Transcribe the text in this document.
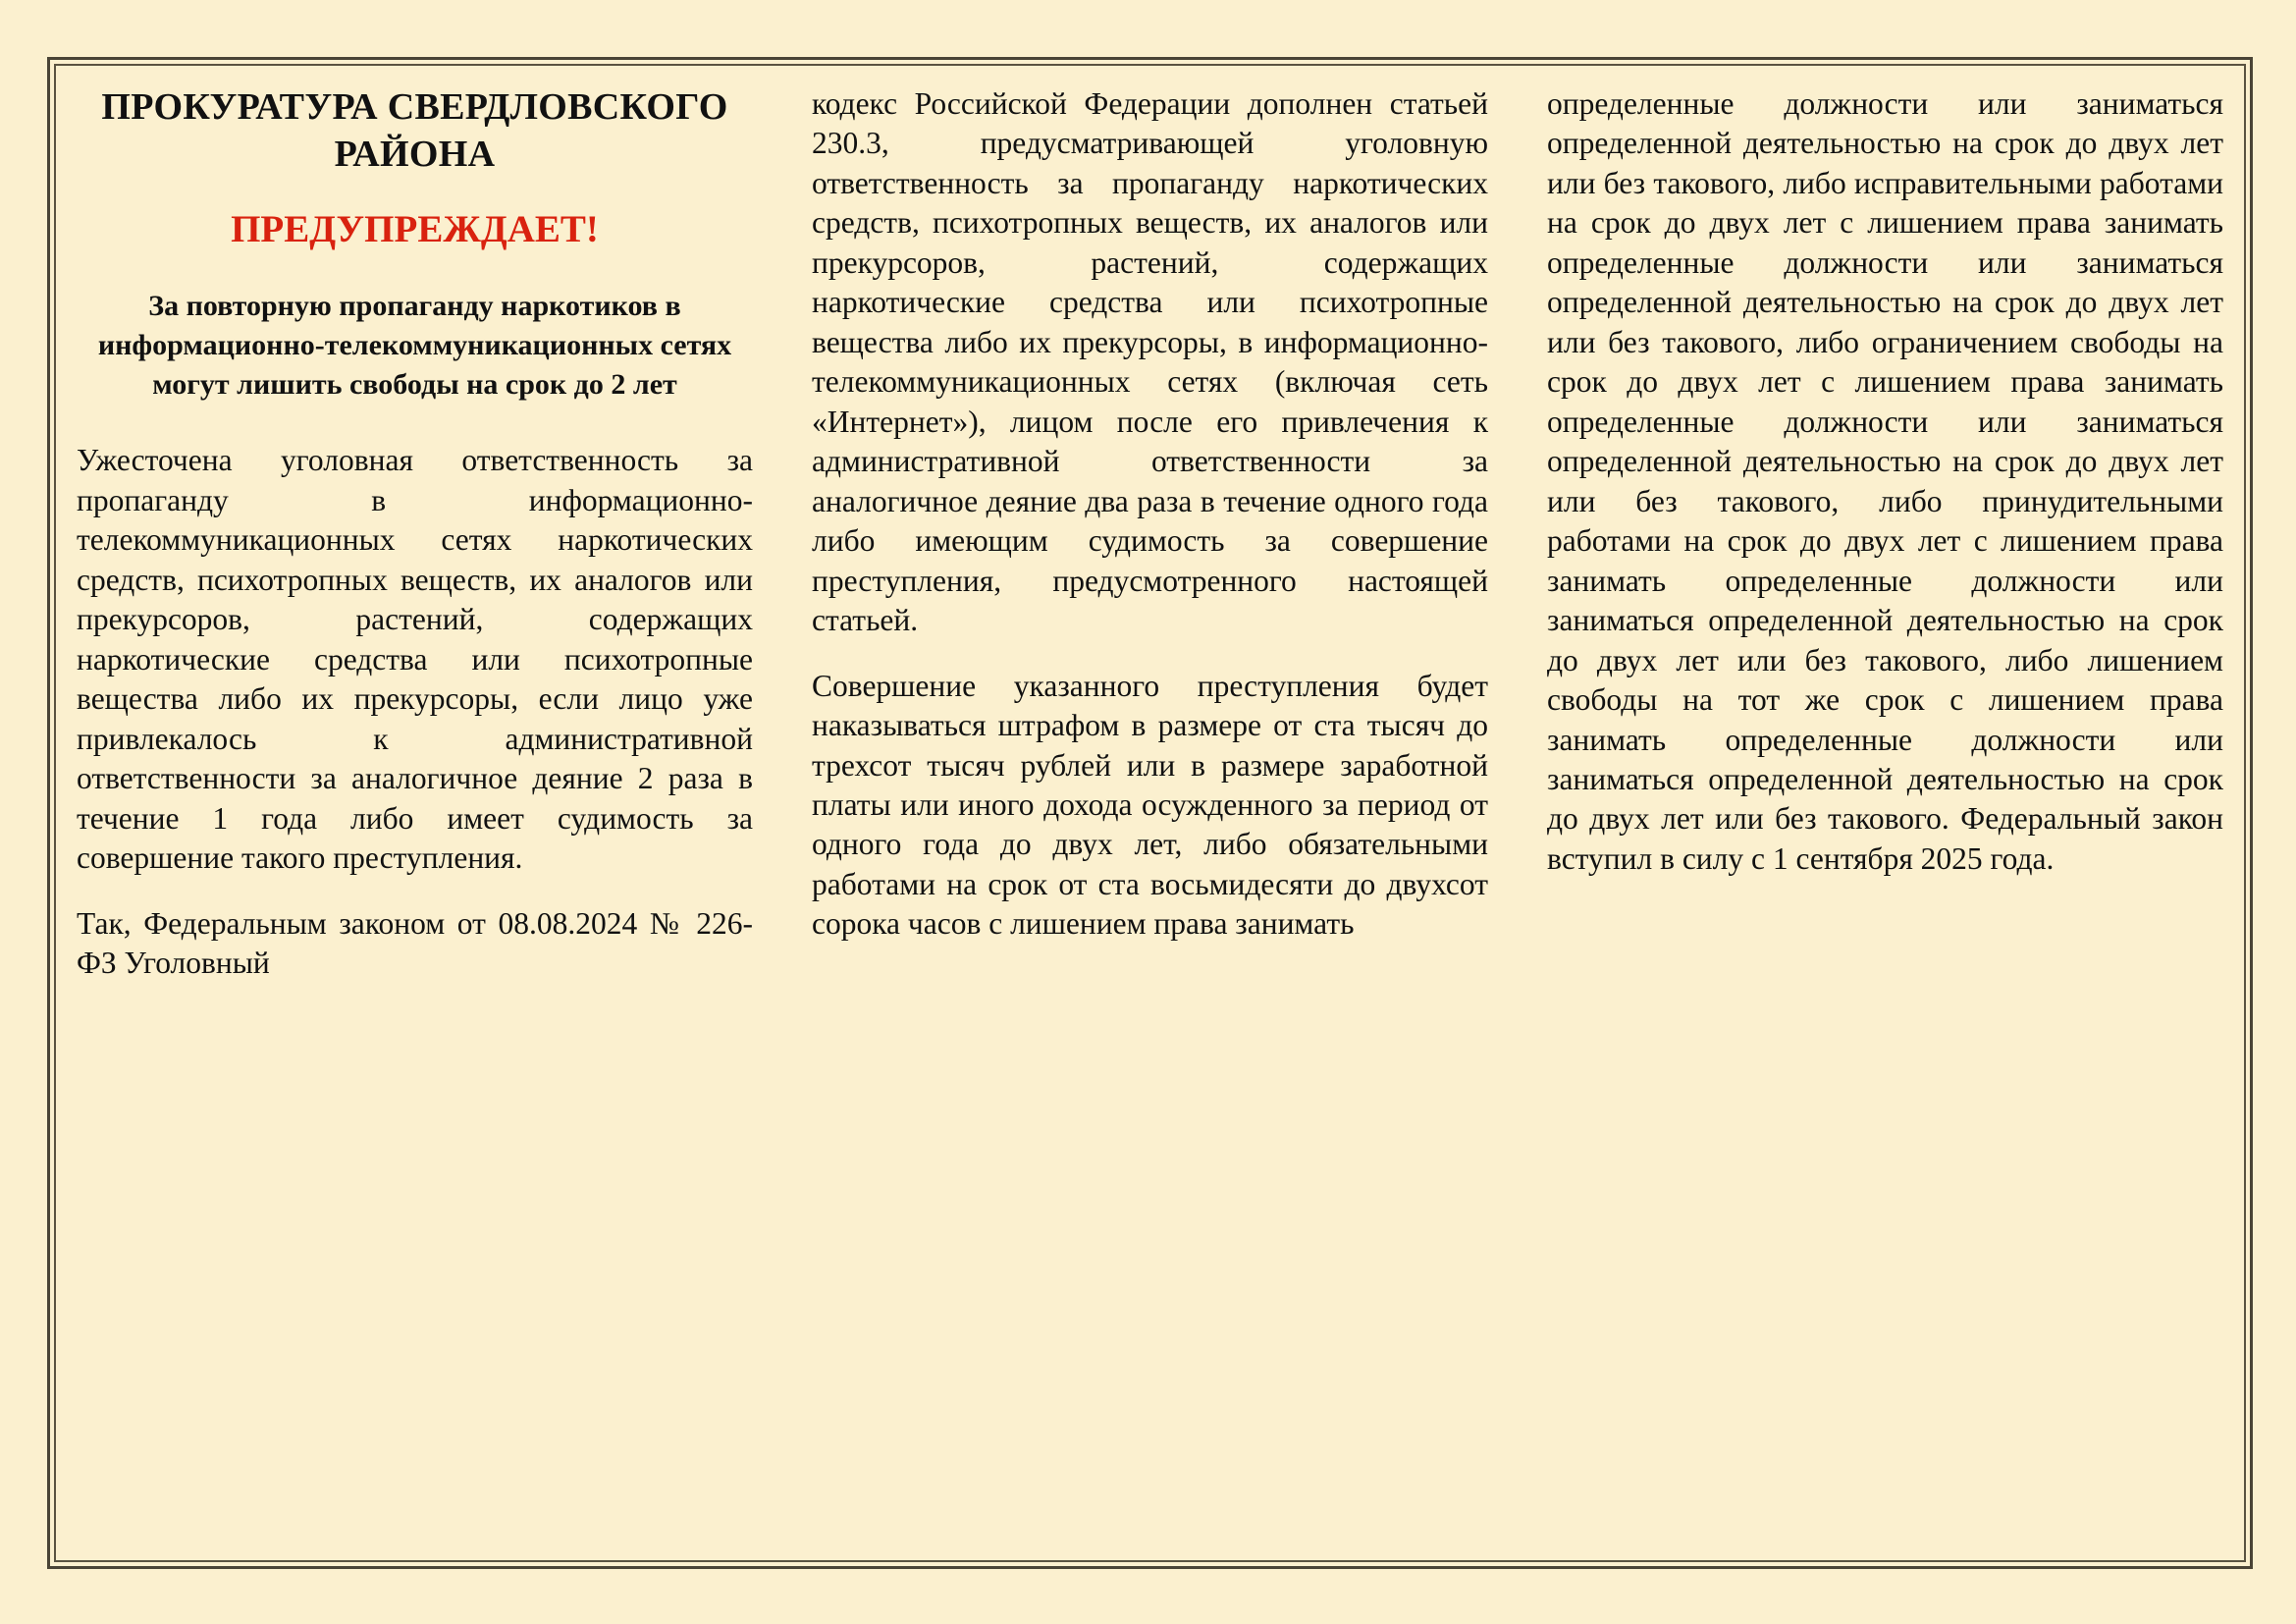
ПРОКУРАТУРА СВЕРДЛОВСКОГО РАЙОНА
ПРЕДУПРЕЖДАЕТ!
За повторную пропаганду наркотиков в информационно-телекоммуникационных сетях могут лишить свободы на срок до 2 лет

Ужесточена уголовная ответственность за пропаганду в информационно-телекоммуникационных сетях наркотических средств, психотропных веществ, их аналогов или прекурсоров, растений, содержащих наркотические средства или психотропные вещества либо их прекурсоры, если лицо уже привлекалось к административной ответственности за аналогичное деяние 2 раза в течение 1 года либо имеет судимость за совершение такого преступления.

Так, Федеральным законом от 08.08.2024 № 226-ФЗ Уголовный

кодекс Российской Федерации дополнен статьей 230.3, предусматривающей уголовную ответственность за пропаганду наркотических средств, психотропных веществ, их аналогов или прекурсоров, растений, содержащих наркотические средства или психотропные вещества либо их прекурсоры, в информационно-телекоммуникационных сетях (включая сеть «Интернет»), лицом после его привлечения к административной ответственности за аналогичное деяние два раза в течение одного года либо имеющим судимость за совершение преступления, предусмотренного настоящей статьей.

Совершение указанного преступления будет наказываться штрафом в размере от ста тысяч до трехсот тысяч рублей или в размере заработной платы или иного дохода осужденного за период от одного года до двух лет, либо обязательными работами на срок от ста восьмидесяти до двухсот сорока часов с лишением права занимать

определенные должности или заниматься определенной деятельностью на срок до двух лет или без такового, либо исправительными работами на срок до двух лет с лишением права занимать определенные должности или заниматься определенной деятельностью на срок до двух лет или без такового, либо ограничением свободы на срок до двух лет с лишением права занимать определенные должности или заниматься определенной деятельностью на срок до двух лет или без такового, либо принудительными работами на срок до двух лет с лишением права занимать определенные должности или заниматься определенной деятельностью на срок до двух лет или без такового, либо лишением свободы на тот же срок с лишением права занимать определенные должности или заниматься определенной деятельностью на срок до двух лет или без такового. Федеральный закон вступил в силу с 1 сентября 2025 года.
